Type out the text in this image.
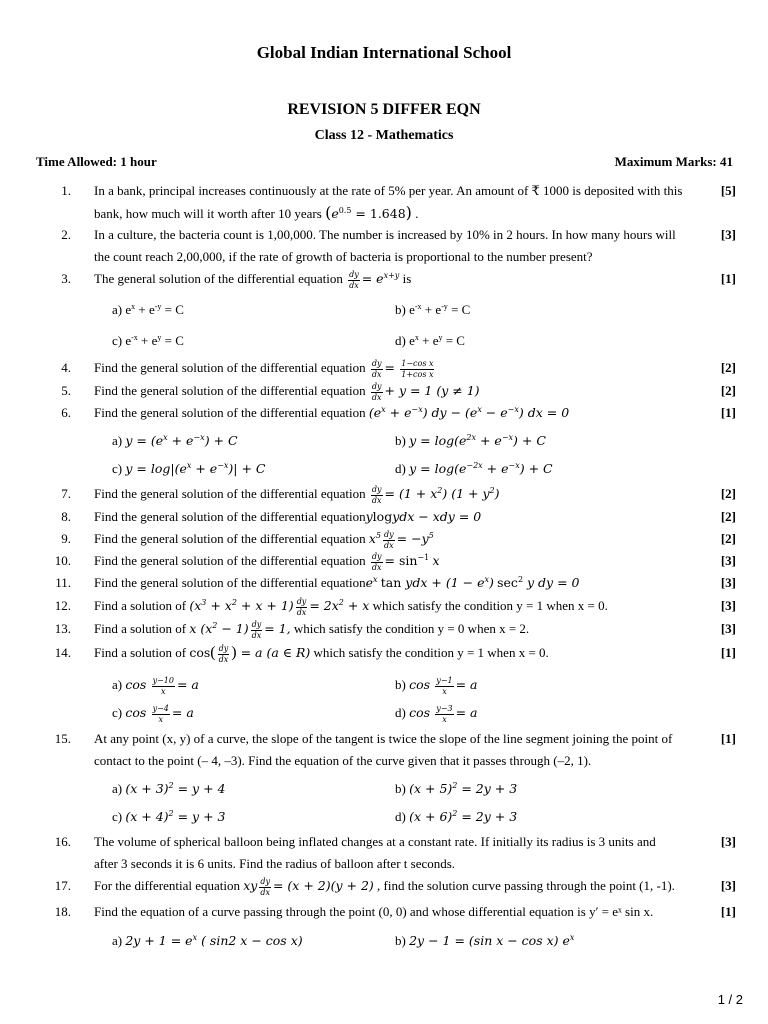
Global Indian International School
REVISION 5 DIFFER EQN
Class 12 - Mathematics
Time Allowed: 1 hour	Maximum Marks: 41
1. In a bank, principal increases continuously at the rate of 5% per year. An amount of ₹ 1000 is deposited with this	[5]
bank, how much will it worth after 10 years $(e^{0.5} = 1.648)$ .
2. In a culture, the bacteria count is 1,00,000. The number is increased by 10% in 2 hours. In how many hours will	[3]
the count reach 2,00,000, if the rate of growth of bacteria is proportional to the number present?
3. The general solution of the differential equation $\frac{dy}{dx} = e^{x+y}$ is	[1]
a) $e^x + e^{-y} = C$	b) $e^{-x} + e^{-y} = C$
c) $e^{-x} + e^y = C$	d) $e^x + e^y = C$
4. Find the general solution of the differential equation $\frac{dy}{dx} = \frac{\text{1−cos x}}{\text{1+cos x}}$	[2]
5. Find the general solution of the differential equation $\frac{dy}{dx} + y = 1$ (y ≠ 1)	[2]
6. Find the general solution of the differential equation $(e^x + e^{-x})$ dy − $(e^x - e^{-x})$ dx = 0	[1]
a) $y = (e^x + e^{-x}) + C$	b) $y = \log(e^{2x} + e^{-x}) + C$
c) $y = \log|(e^x + e^{-x})| + C$	d) $y = \log(e^{-2x} + e^{-x}) + C$
7. Find the general solution of the differential equation $\frac{dy}{dx} = (1 + x^2) (1 + y^2)$	[2]
8. Find the general solution of the differential equationylogydx − xdy = 0	[2]
9. Find the general solution of the differential equation $x^5 \frac{dy}{dx} = -y^5$	[2]
10. Find the general solution of the differential equation $\frac{dy}{dx} = \sin^{-1} x$	[3]
11. Find the general solution of the differential equatione$^x$ tan ydx + $(1 - e^x)$ $\sec^2 y$ dy = 0	[3]
12. Find a solution of $(x^3 + x^2 + x + 1) \frac{dy}{dx} = 2x^2 + x$ which satisfy the condition y = 1 when x = 0.	[3]
13. Find a solution of x $(x^2 - 1) \frac{dy}{dx} = 1$, which satisfy the condition y = 0 when x = 2.	[3]
14. Find a solution of $\cos( \frac{dy}{dx}$ ) = a (a ∈ R) which satisfy the condition y = 1 when x = 0.	[1]
a) $\cos \frac{y-10}{x} = a$	b) $\cos \frac{y-1}{x} = a$
c) $\cos \frac{y-4}{x} = a$	d) $\cos \frac{y-3}{x} = a$
15. At any point (x, y) of a curve, the slope of the tangent is twice the slope of the line segment joining the point of	[1]
contact to the point (– 4, –3). Find the equation of the curve given that it passes through (–2, 1).
a) $(x + 3)^2 = y + 4$	b) $(x + 5)^2 = 2y + 3$
c) $(x + 4)^2 = y + 3$	d) $(x + 6)^2 = 2y + 3$
16. The volume of spherical balloon being inflated changes at a constant rate. If initially its radius is 3 units and	[3]
after 3 seconds it is 6 units. Find the radius of balloon after t seconds.
17. For the differential equation xy $\frac{dy}{dx} = (x + 2)(y + 2)$ , find the solution curve passing through the point (1, -1).	[3]
18. Find the equation of a curve passing through the point (0, 0) and whose differential equation is y′ = eˣ sin x.	[1]
a) $2y + 1 = e^x$ ( sin2 x − cos x)	b) 2y − 1 = (sin x − cos x) $e^x$
1 / 2
